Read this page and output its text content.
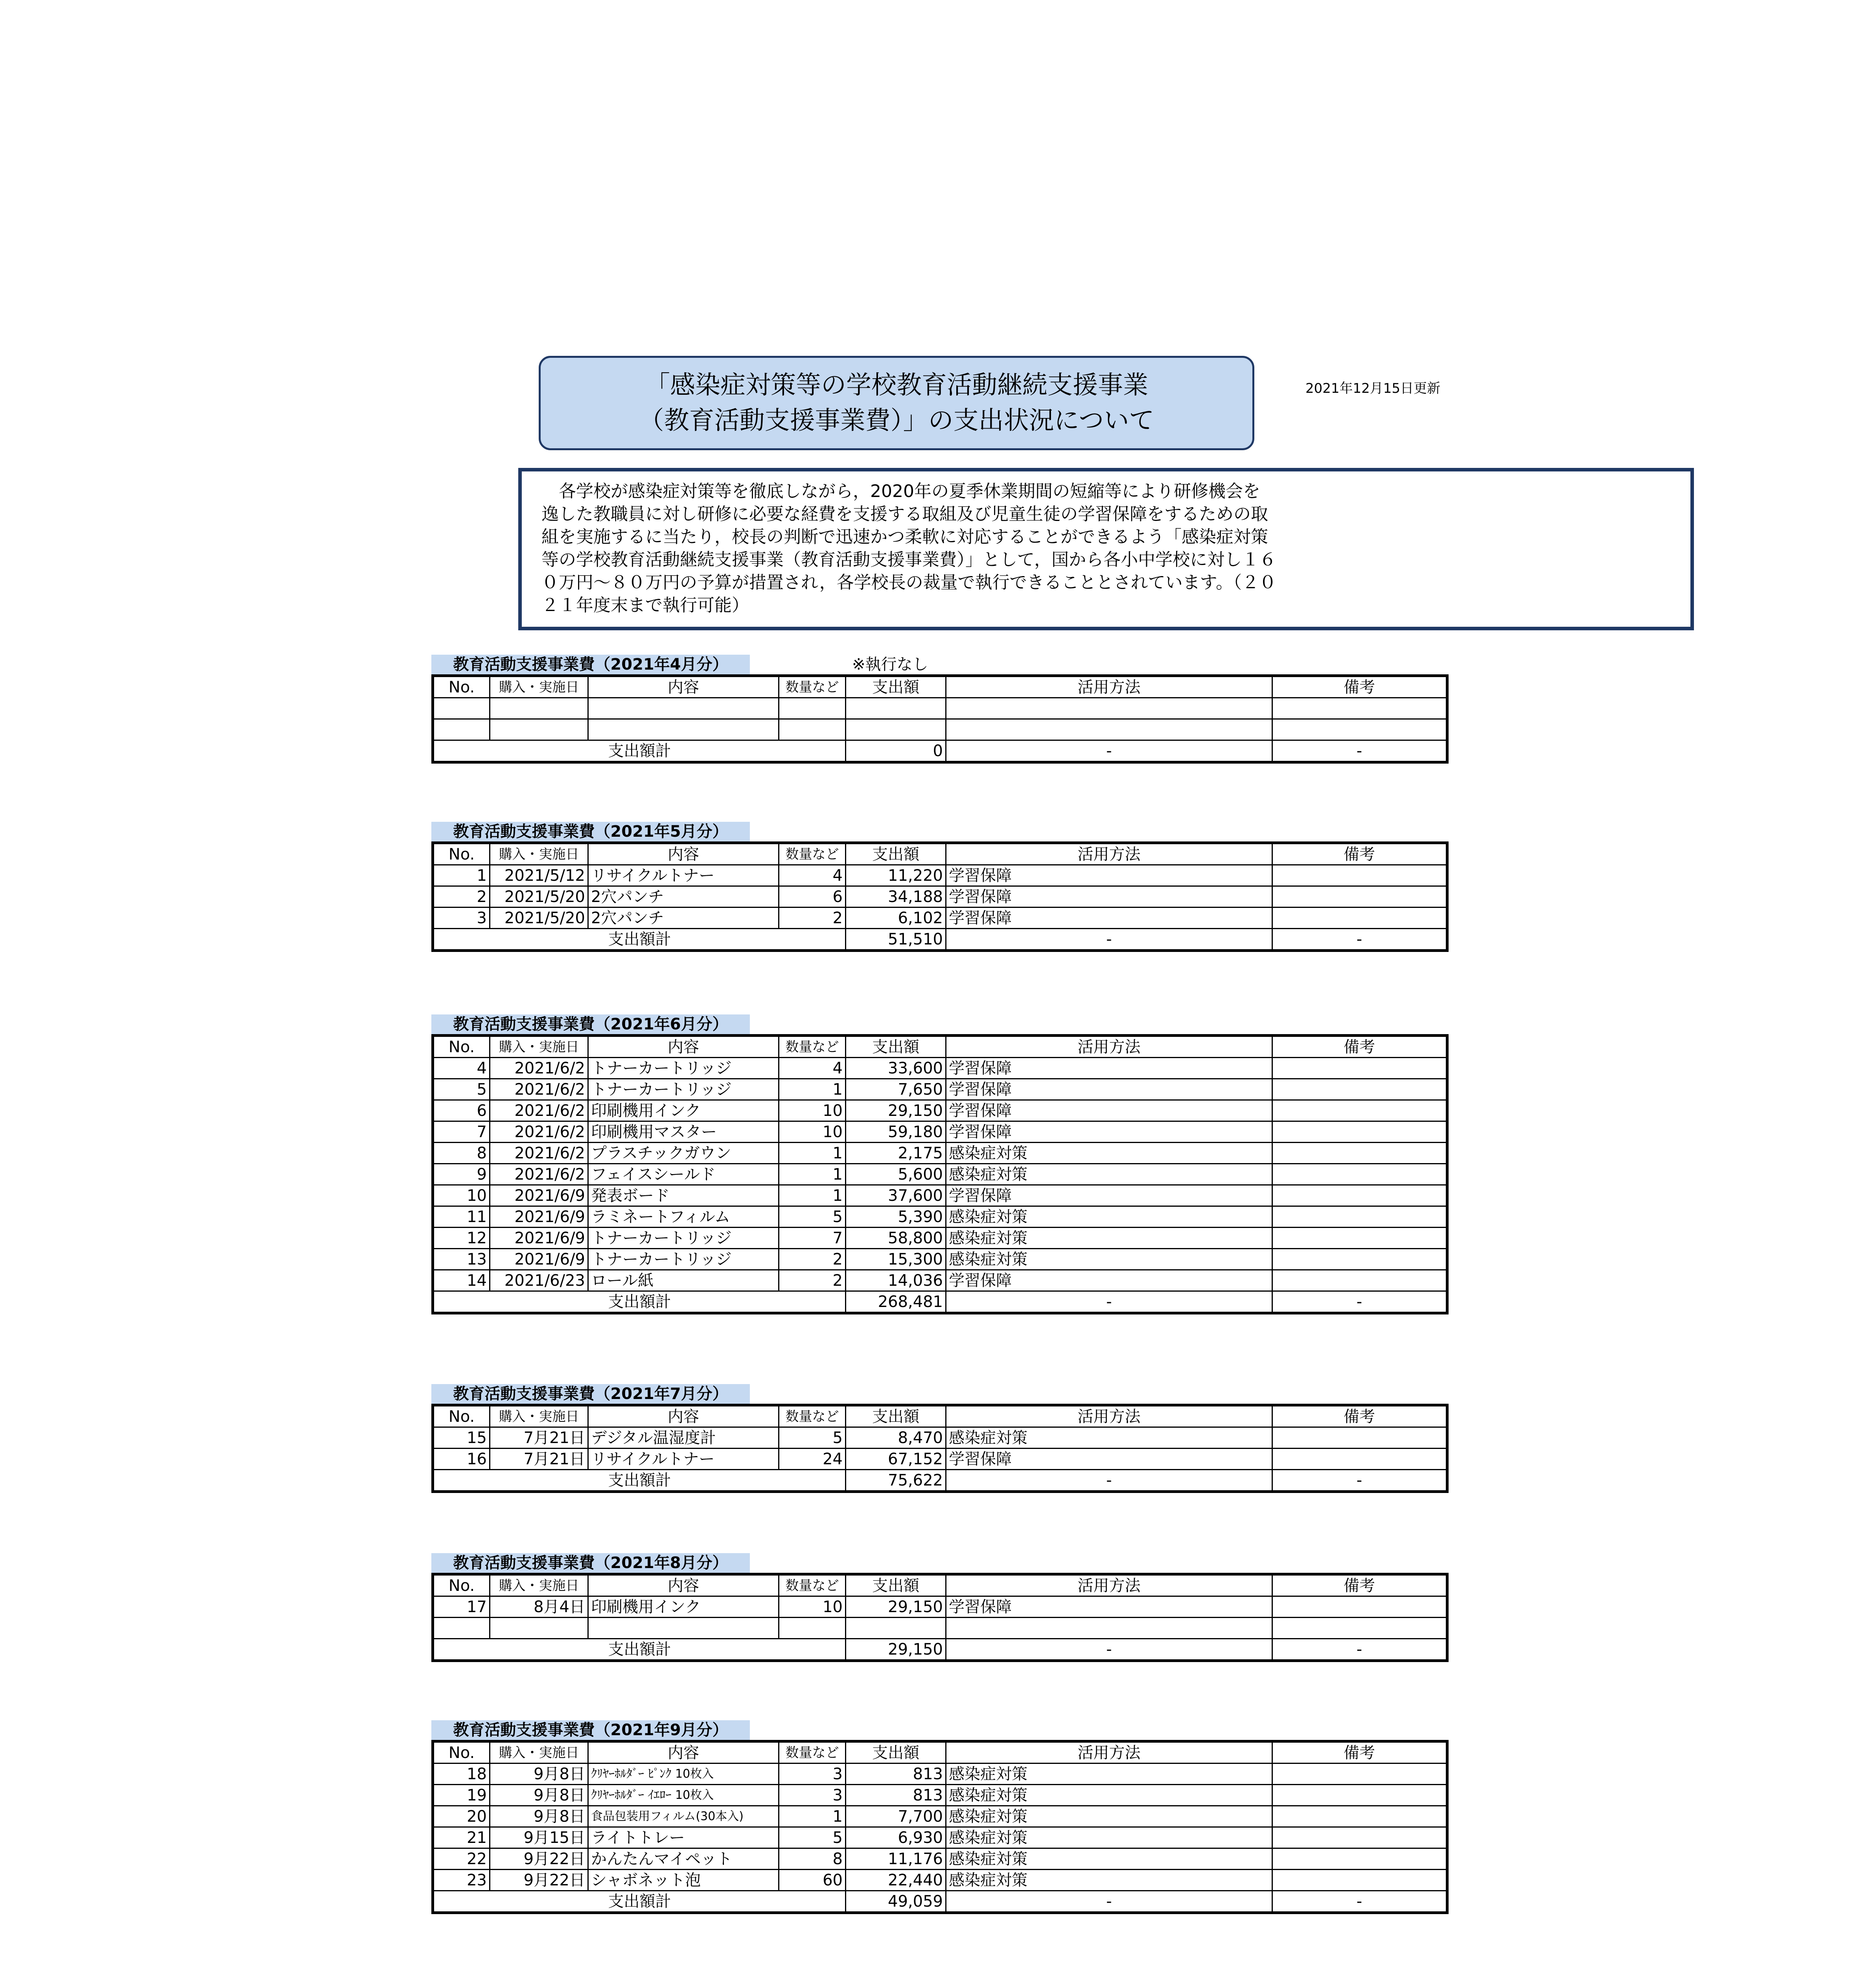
「感染症対策等の学校教育活動継続支援事業
（教育活動支援事業費）」の支出状況について
2021年12月15日更新
　各学校が感染症対策等を徹底しながら，2020年の夏季休業期間の短縮等により研修機会を
逸した教職員に対し研修に必要な経費を支援する取組及び児童生徒の学習保障をするための取
組を実施するに当たり，校長の判断で迅速かつ柔軟に対応することができるよう「感染症対策
等の学校教育活動継続支援事業（教育活動支援事業費）」として，国から各小中学校に対し１６
０万円～８０万円の予算が措置され，各学校長の裁量で執行できることとされています。（２０
２１年度末まで執行可能）
教育活動支援事業費（2021年4月分）	※執行なし
No.	購入・実施日	内容	数量など	支出額	活用方法	備考

支出額計				0	-	-
教育活動支援事業費（2021年5月分）
No.	購入・実施日	内容	数量など	支出額	活用方法	備考
1	2021/5/12	リサイクルトナー	4	11,220	学習保障	
2	2021/5/20	2穴パンチ	6	34,188	学習保障	
3	2021/5/20	2穴パンチ	2	6,102	学習保障	
支出額計				51,510	-	-
教育活動支援事業費（2021年6月分）
No.	購入・実施日	内容	数量など	支出額	活用方法	備考
4	2021/6/2	トナーカートリッジ	4	33,600	学習保障	
5	2021/6/2	トナーカートリッジ	1	7,650	学習保障	
6	2021/6/2	印刷機用インク	10	29,150	学習保障	
7	2021/6/2	印刷機用マスター	10	59,180	学習保障	
8	2021/6/2	プラスチックガウン	1	2,175	感染症対策	
9	2021/6/2	フェイスシールド	1	5,600	感染症対策	
10	2021/6/9	発表ボード	1	37,600	学習保障	
11	2021/6/9	ラミネートフィルム	5	5,390	感染症対策	
12	2021/6/9	トナーカートリッジ	7	58,800	感染症対策	
13	2021/6/9	トナーカートリッジ	2	15,300	感染症対策	
14	2021/6/23	ロール紙	2	14,036	学習保障	
支出額計				268,481	-	-
教育活動支援事業費（2021年7月分）
No.	購入・実施日	内容	数量など	支出額	活用方法	備考
15	7月21日	デジタル温湿度計	5	8,470	感染症対策	
16	7月21日	リサイクルトナー	24	67,152	学習保障	
支出額計				75,622	-	-
教育活動支援事業費（2021年8月分）
No.	購入・実施日	内容	数量など	支出額	活用方法	備考
17	8月4日	印刷機用インク	10	29,150	学習保障	

支出額計				29,150	-	-
教育活動支援事業費（2021年9月分）
No.	購入・実施日	内容	数量など	支出額	活用方法	備考
18	9月8日	ｸﾘﾔｰﾎﾙﾀﾞｰ ﾋﾟﾝｸ 10枚入	3	813	感染症対策	
19	9月8日	ｸﾘﾔｰﾎﾙﾀﾞｰ ｲｴﾛｰ 10枚入	3	813	感染症対策	
20	9月8日	食品包装用フィルム(30本入)	1	7,700	感染症対策	
21	9月15日	ライトトレー	5	6,930	感染症対策	
22	9月22日	かんたんマイペット	8	11,176	感染症対策	
23	9月22日	シャボネット泡	60	22,440	感染症対策	
支出額計				49,059	-	-
